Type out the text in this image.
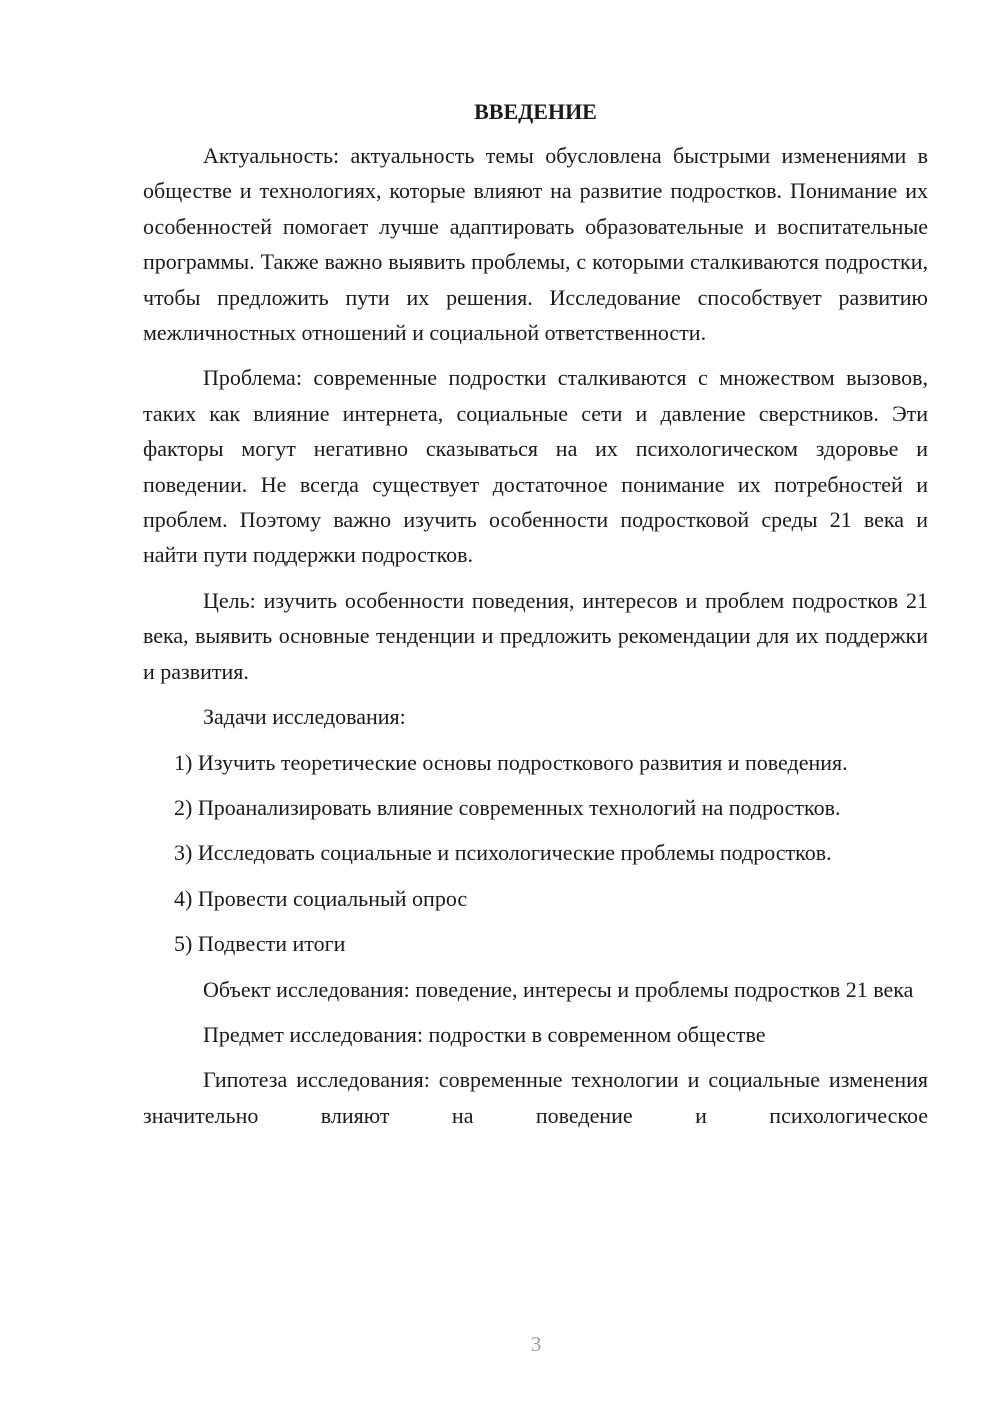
ВВЕДЕНИЕ

Актуальность: актуальность темы обусловлена быстрыми изменениями в обществе и технологиях, которые влияют на развитие подростков. Понимание их особенностей помогает лучше адаптировать образовательные и воспитательные программы. Также важно выявить проблемы, с которыми сталкиваются подростки, чтобы предложить пути их решения. Исследование способствует развитию межличностных отношений и социальной ответственности.

Проблема: современные подростки сталкиваются с множеством вызовов, таких как влияние интернета, социальные сети и давление сверстников. Эти факторы могут негативно сказываться на их психологическом здоровье и поведении. Не всегда существует достаточное понимание их потребностей и проблем. Поэтому важно изучить особенности подростковой среды 21 века и найти пути поддержки подростков.

Цель: изучить особенности поведения, интересов и проблем подростков 21 века, выявить основные тенденции и предложить рекомендации для их поддержки и развития.

Задачи исследования:

1) Изучить теоретические основы подросткового развития и поведения.

2) Проанализировать влияние современных технологий на подростков.

3) Исследовать социальные и психологические проблемы подростков.

4) Провести социальный опрос

5) Подвести итоги

Объект исследования: поведение, интересы и проблемы подростков 21 века

Предмет исследования: подростки в современном обществе

Гипотеза исследования: современные технологии и социальные изменения значительно влияют на поведение и психологическое

3
